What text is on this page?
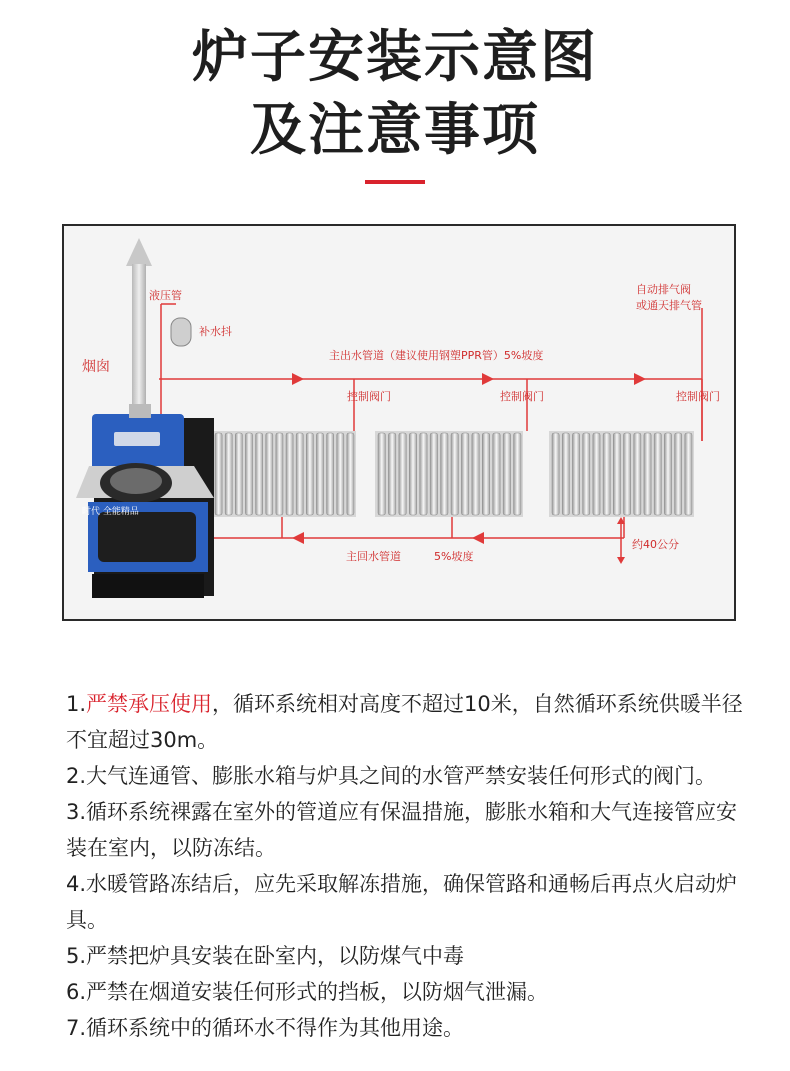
炉子安装示意图
及注意事项
烟囱
液压管
补水抖
主出水管道（建议使用钢塑PPR管）5%坡度
控制阀门	控制阀门	控制阀门
自动排气阀
或通天排气管
主回水管道	5%坡度
约40公分
时代 全能精品

1.严禁承压使用，循环系统相对高度不超过10米，自然循环系统供暖半径不宜超过30m。

2.大气连通管、膨胀水箱与炉具之间的水管严禁安装任何形式的阀门。

3.循环系统裸露在室外的管道应有保温措施，膨胀水箱和大气连接管应安装在室内，以防冻结。

4.水暖管路冻结后，应先采取解冻措施，确保管路和通畅后再点火启动炉具。

5.严禁把炉具安装在卧室内，以防煤气中毒

6.严禁在烟道安装任何形式的挡板，以防烟气泄漏。

7.循环系统中的循环水不得作为其他用途。
